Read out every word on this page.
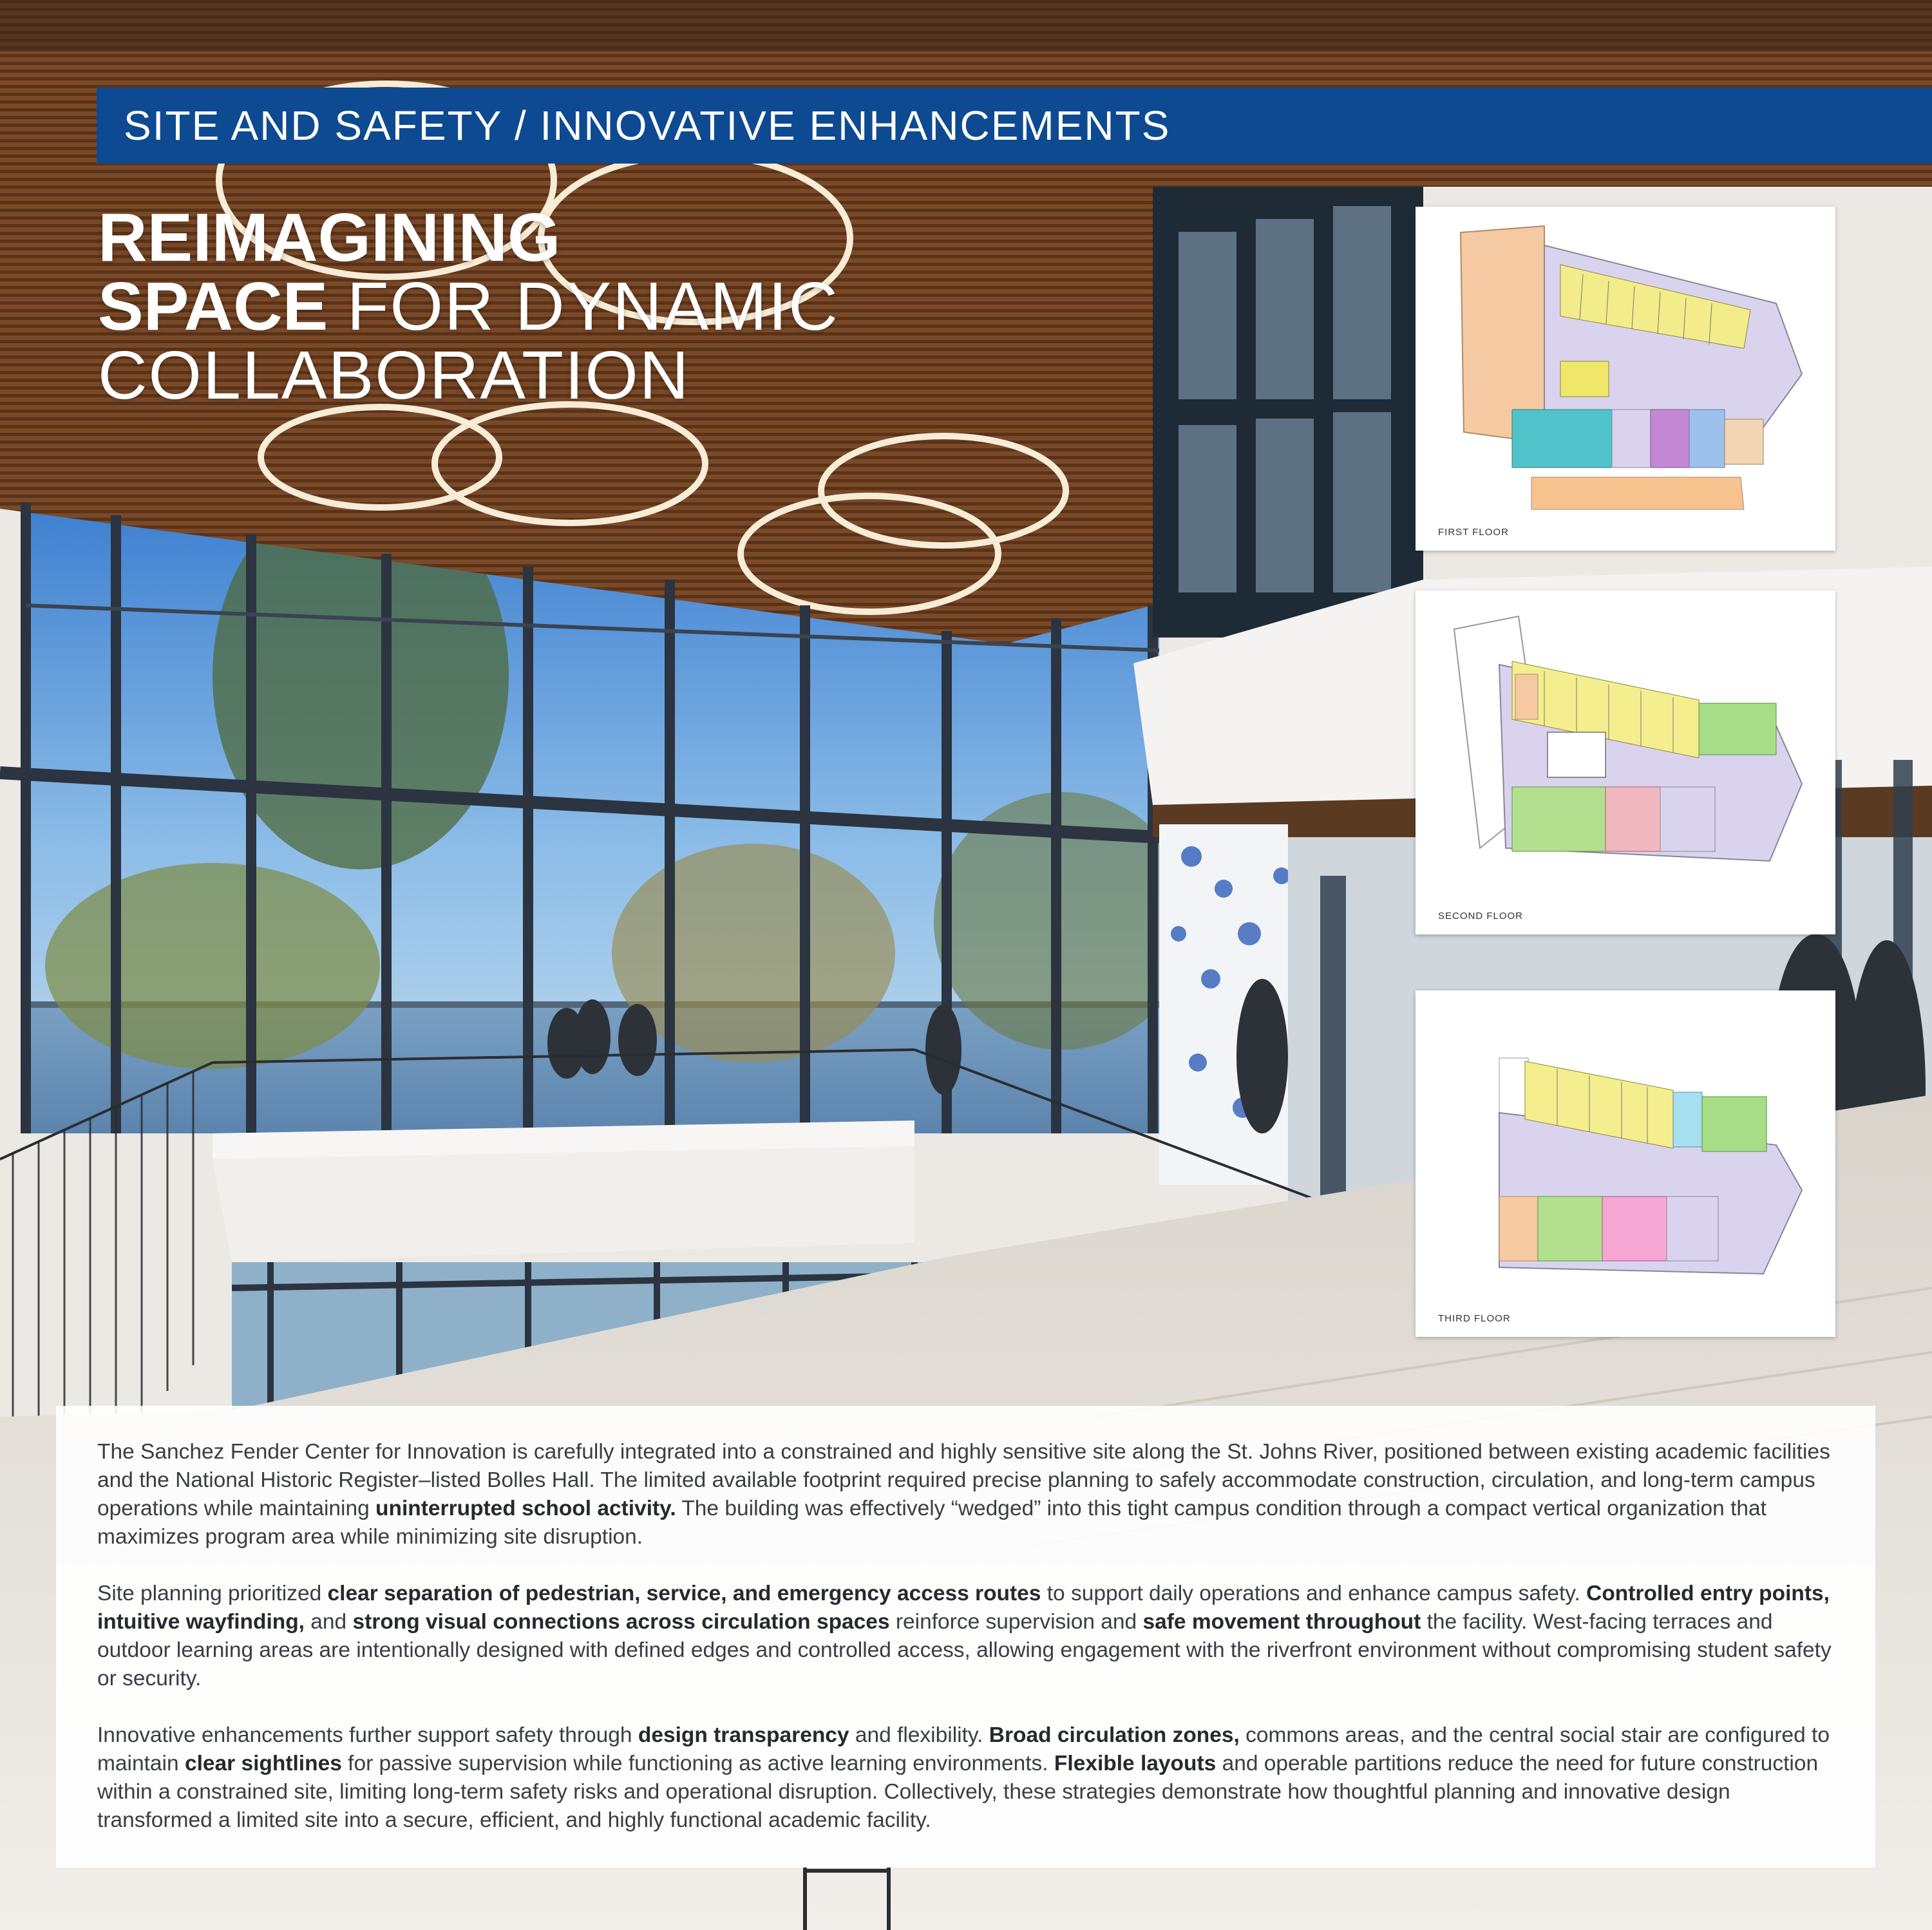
SITE AND SAFETY / INNOVATIVE ENHANCEMENTS
REIMAGINING
SPACE FOR DYNAMIC
COLLABORATION
FIRST FLOOR
SECOND FLOOR
THIRD FLOOR

The Sanchez Fender Center for Innovation is carefully integrated into a constrained and highly sensitive site along the St. Johns River, positioned between existing academic facilities and the National Historic Register–listed Bolles Hall. The limited available footprint required precise planning to safely accommodate construction, circulation, and long-term campus operations while maintaining uninterrupted school activity. The building was effectively “wedged” into this tight campus condition through a compact vertical organization that maximizes program area while minimizing site disruption.

Site planning prioritized clear separation of pedestrian, service, and emergency access routes to support daily operations and enhance campus safety. Controlled entry points, intuitive wayfinding, and strong visual connections across circulation spaces reinforce supervision and safe movement throughout the facility. West-facing terraces and outdoor learning areas are intentionally designed with defined edges and controlled access, allowing engagement with the riverfront environment without compromising student safety or security.

Innovative enhancements further support safety through design transparency and flexibility. Broad circulation zones, commons areas, and the central social stair are configured to maintain clear sightlines for passive supervision while functioning as active learning environments. Flexible layouts and operable partitions reduce the need for future construction within a constrained site, limiting long-term safety risks and operational disruption. Collectively, these strategies demonstrate how thoughtful planning and innovative design transformed a limited site into a secure, efficient, and highly functional academic facility.
